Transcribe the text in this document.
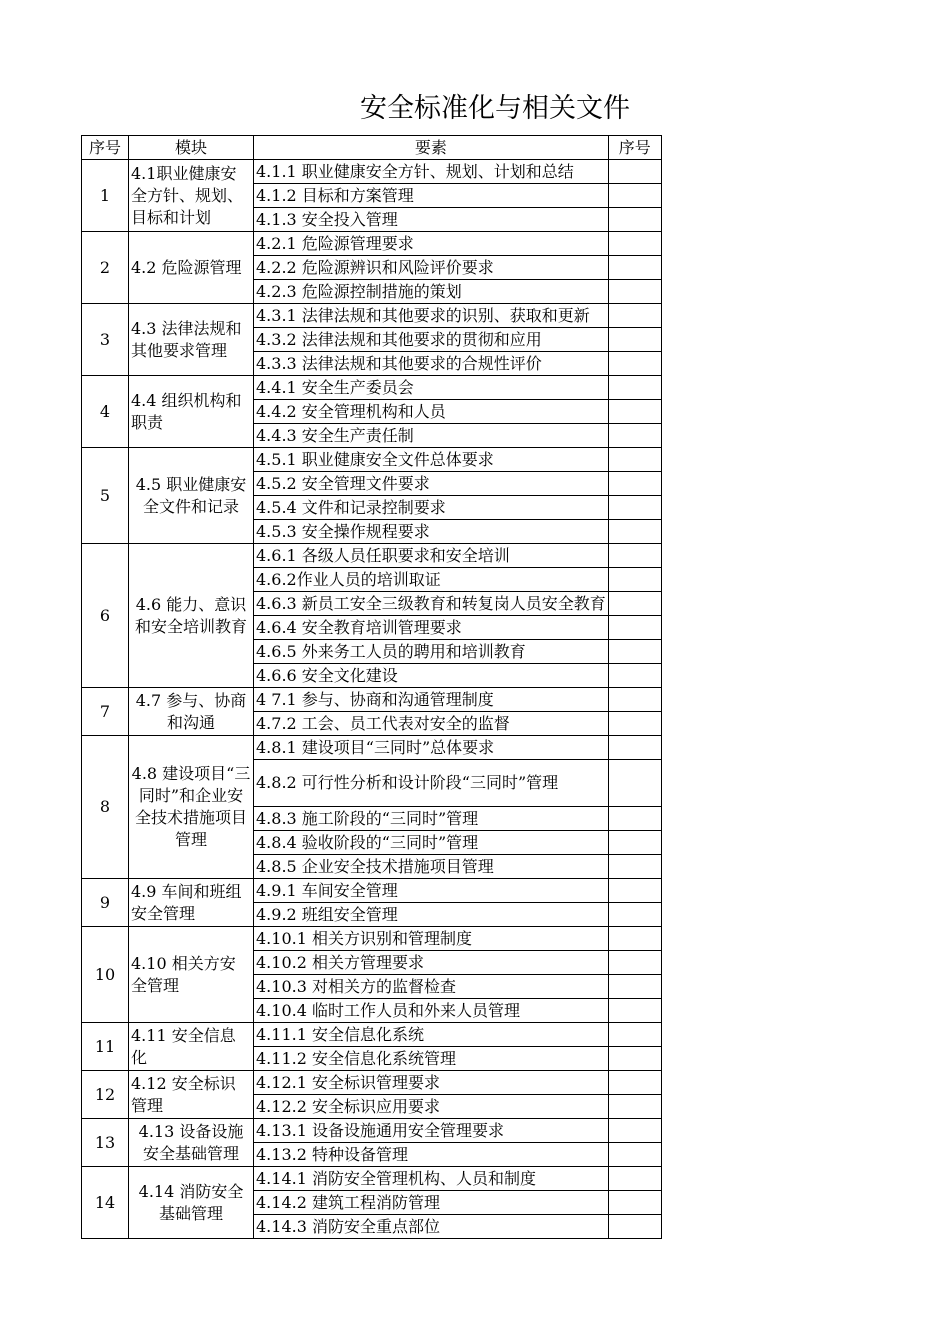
安全标准化与相关文件
序号	模块	要素	序号
1	4.1职业健康安全方针、规划、目标和计划	4.1.1 职业健康安全方针、规划、计划和总结	
		4.1.2 目标和方案管理	
		4.1.3 安全投入管理	
2	4.2 危险源管理	4.2.1 危险源管理要求	
		4.2.2 危险源辨识和风险评价要求	
		4.2.3 危险源控制措施的策划	
3	4.3 法律法规和其他要求管理	4.3.1 法律法规和其他要求的识别、获取和更新	
		4.3.2 法律法规和其他要求的贯彻和应用	
		4.3.3 法律法规和其他要求的合规性评价	
4	4.4 组织机构和职责	4.4.1 安全生产委员会	
		4.4.2 安全管理机构和人员	
		4.4.3 安全生产责任制	
5	4.5 职业健康安全文件和记录	4.5.1 职业健康安全文件总体要求	
		4.5.2 安全管理文件要求	
		4.5.4 文件和记录控制要求	
		4.5.3 安全操作规程要求	
6	4.6 能力、意识和安全培训教育	4.6.1 各级人员任职要求和安全培训	
		4.6.2作业人员的培训取证	
		4.6.3 新员工安全三级教育和转复岗人员安全教育	
		4.6.4 安全教育培训管理要求	
		4.6.5 外来务工人员的聘用和培训教育	
		4.6.6 安全文化建设	
7	4.7 参与、协商和沟通	4 7.1 参与、协商和沟通管理制度	
		4.7.2 工会、员工代表对安全的监督	
8	4.8 建设项目“三同时”和企业安全技术措施项目管理	4.8.1 建设项目“三同时”总体要求	
		4.8.2 可行性分析和设计阶段“三同时”管理	
		4.8.3 施工阶段的“三同时”管理	
		4.8.4 验收阶段的“三同时”管理	
		4.8.5 企业安全技术措施项目管理	
9	4.9 车间和班组安全管理	4.9.1 车间安全管理	
		4.9.2 班组安全管理	
10	4.10 相关方安全管理	4.10.1 相关方识别和管理制度	
		4.10.2 相关方管理要求	
		4.10.3 对相关方的监督检查	
		4.10.4 临时工作人员和外来人员管理	
11	4.11 安全信息化	4.11.1 安全信息化系统	
		4.11.2 安全信息化系统管理	
12	4.12 安全标识管理	4.12.1 安全标识管理要求	
		4.12.2 安全标识应用要求	
13	4.13 设备设施安全基础管理	4.13.1 设备设施通用安全管理要求	
		4.13.2 特种设备管理	
14	4.14 消防安全基础管理	4.14.1 消防安全管理机构、人员和制度	
		4.14.2 建筑工程消防管理	
		4.14.3 消防安全重点部位	
